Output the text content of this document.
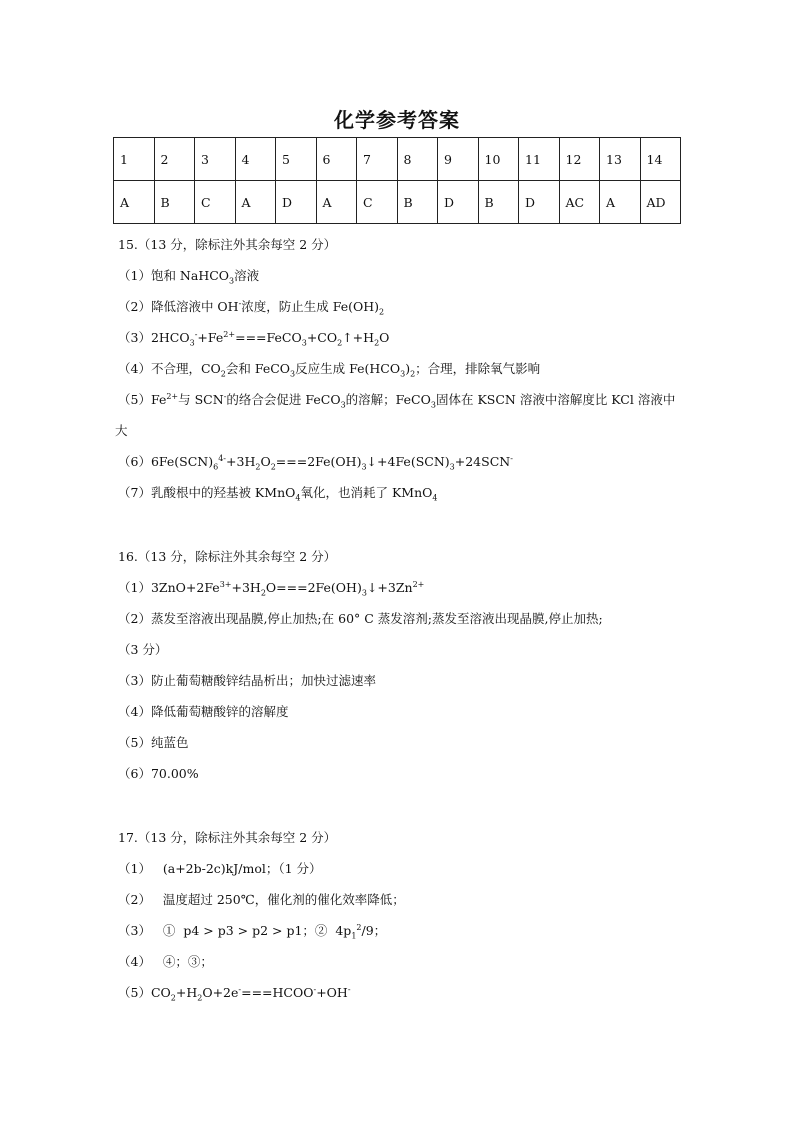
化学参考答案
1	2	3	4	5	6	7	8	9	10	11	12	13	14
A	B	C	A	D	A	C	B	D	B	D	AC	A	AD
15.（13 分，除标注外其余每空 2 分）
（1）饱和 NaHCO$_3$溶液
（2）降低溶液中 OH-浓度，防止生成 $Fe(OH)_2$
$(3)2HCO_3^-+Fe^{2+}===FeCO_3+CO_2↑+H_2O$
（4）不合理，$CO_2$会和 FeCO$_3$反应生成 $Fe(HCO_3)_2$；合理，排除氧气影响
$(5)Fe^{2+}$与 SCN-的络合会促进 FeCO$_3$的溶解；FeCO$_3$固体在 KSCN 溶液中溶解度比 KCl 溶液中
大
$(6)6Fe(SCN)_6^{4-}+3H_2O_2===2Fe(OH)_3↓+4Fe(SCN)_3+24SCN^-$
（7）乳酸根中的羟基被 KMnO$_4$氧化，也消耗了 KMnO$_4$
16.（13 分，除标注外其余每空 2 分）
$(1)3ZnO+2Fe^{3+}+3H_2O===2Fe(OH)_3↓+3Zn^{2+}$
（2）蒸发至溶液出现晶膜,停止加热;在 60° C 蒸发溶剂;蒸发至溶液出现晶膜,停止加热;
（3 分）
（3）防止葡萄糖酸锌结晶析出；加快过滤速率
（4）降低葡萄糖酸锌的溶解度
（5）纯蓝色
（6）70.00%
17.（13 分，除标注外其余每空 2 分）
（1）   (a+2b-2c)kJ/mol；（1 分）
（2）   温度超过 250℃，催化剂的催化效率降低；
（3）   ①  p4 > p3 > p2 > p1；②  $4p_1^2/9$；
（4）   ④；③；
$(5)CO_2+H_2O+2e^-===HCOO^-+OH^-$
